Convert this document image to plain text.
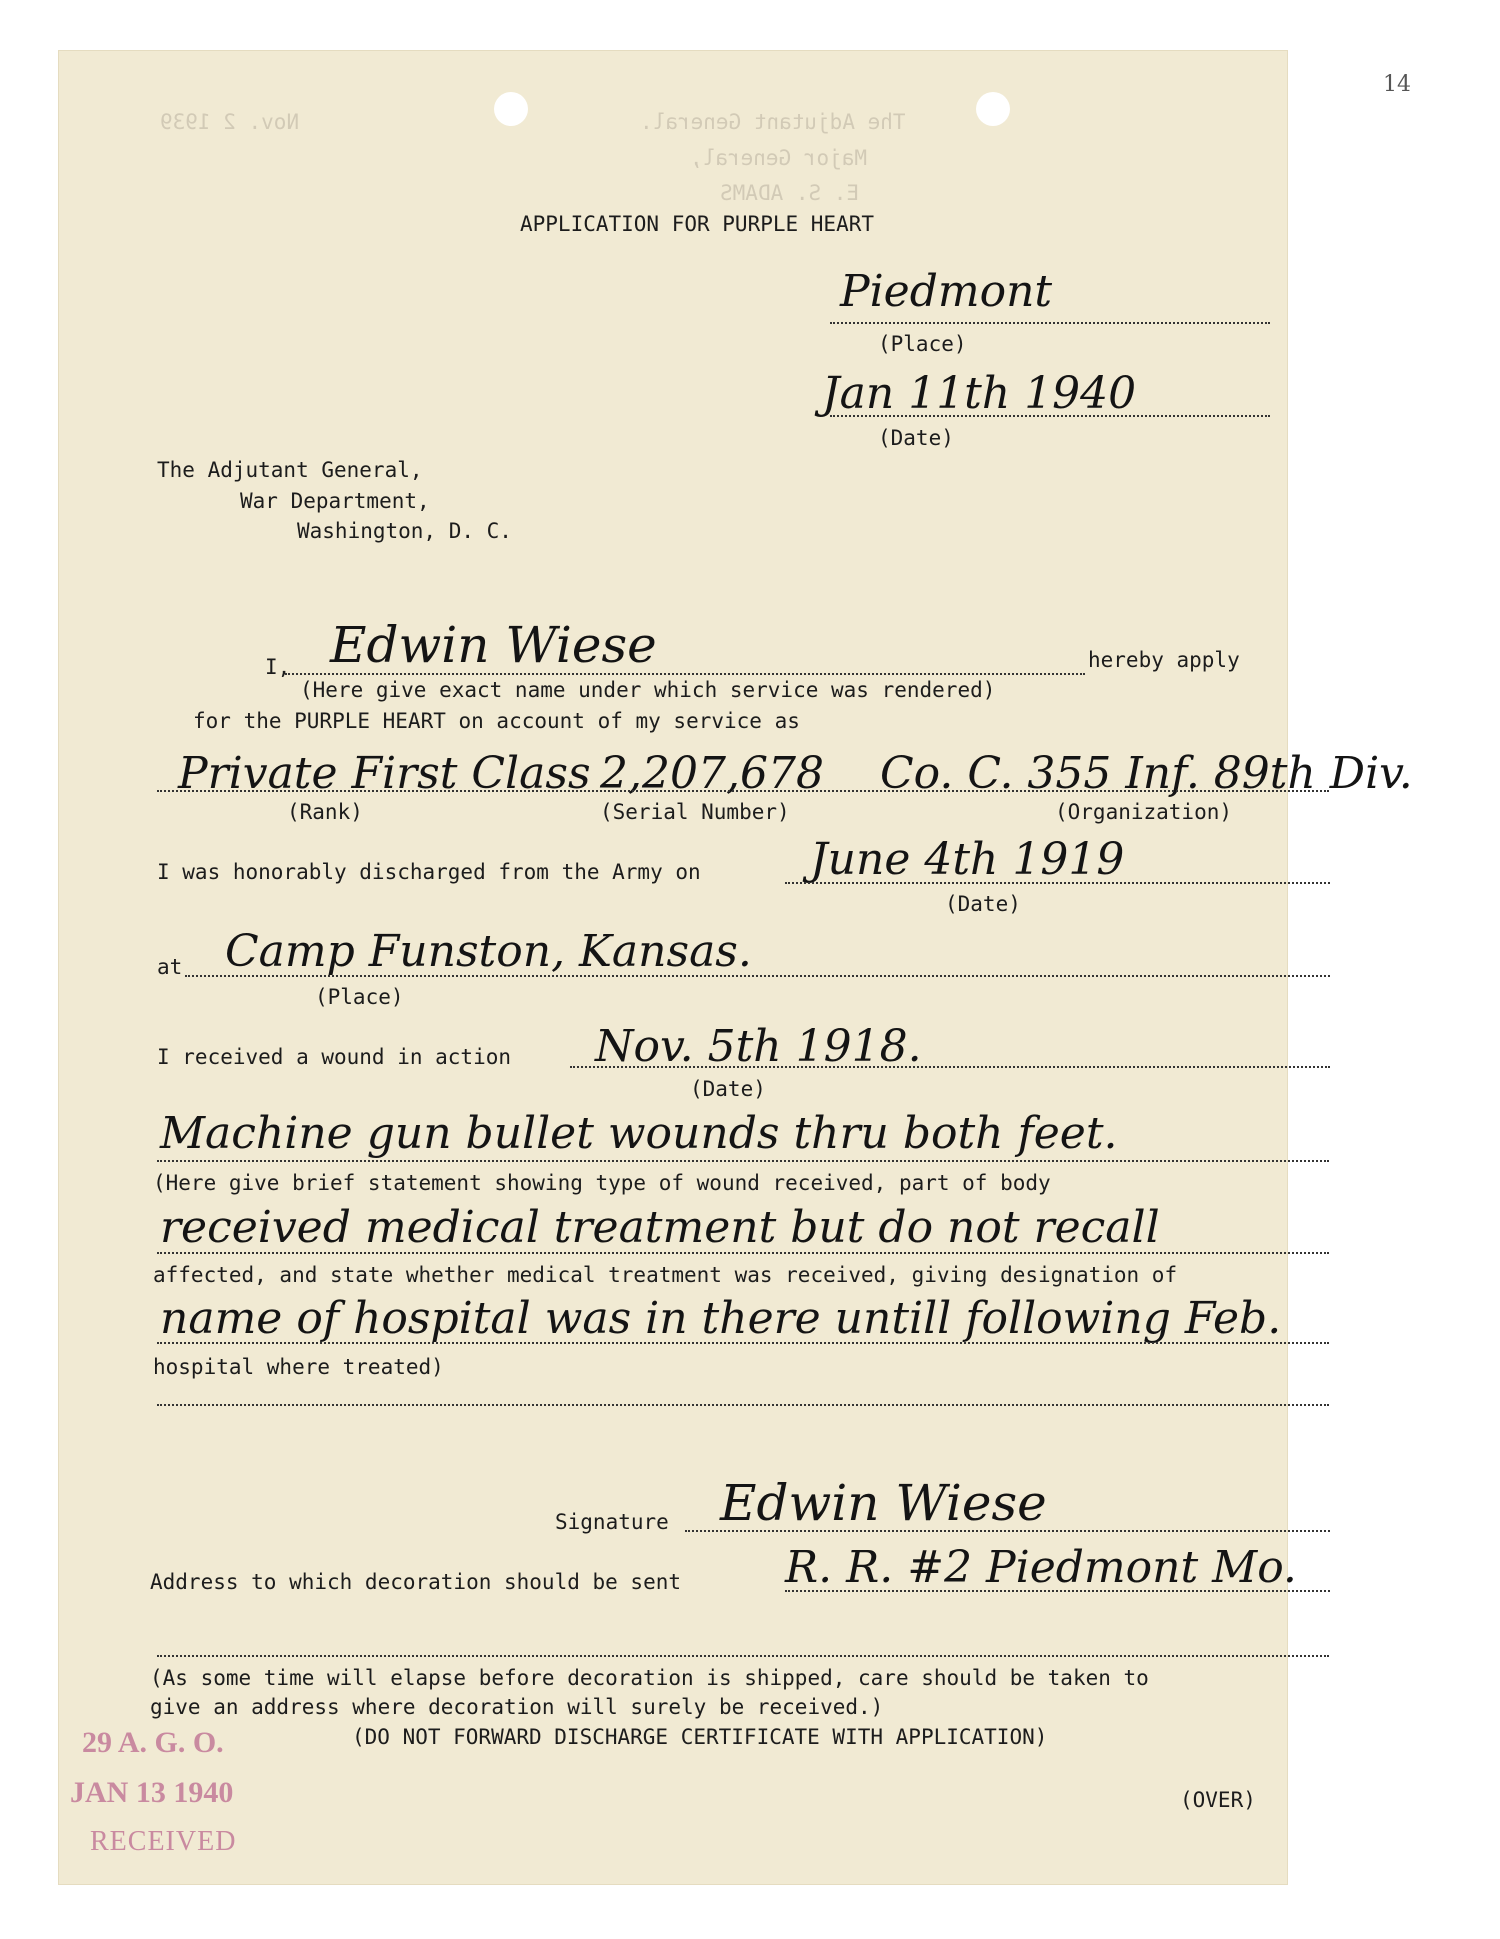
Nov. 2 1939	The Adjutant General.
Major General,
E. S. ADAMS
14
APPLICATION FOR PURPLE HEART
Piedmont
(Place)
Jan 11th 1940
(Date)
The Adjutant General,
War Department,
Washington, D. C.
I, Edwin Wiese	hereby apply
(Here give exact name under which service was rendered)
for the PURPLE HEART on account of my service as
Private First Class 2,207,678 Co. C. 355 Inf. 89th Div.
(Rank)	(Serial Number)	(Organization)
I was honorably discharged from the Army on June 4th 1919
(Date)
at Camp Funston, Kansas.
(Place)
I received a wound in action Nov. 5th 1918.
(Date)
Machine gun bullet wounds thru both feet.
(Here give brief statement showing type of wound received, part of body
received medical treatment but do not recall
affected, and state whether medical treatment was received, giving designation of
name of hospital was in there untill following Feb.
hospital where treated)
Signature Edwin Wiese
Address to which decoration should be sent R. R. #2 Piedmont Mo.
(As some time will elapse before decoration is shipped, care should be taken to
give an address where decoration will surely be received.)
(DO NOT FORWARD DISCHARGE CERTIFICATE WITH APPLICATION)
(OVER)
29 A. G. O.
JAN 13 1940
RECEIVED
